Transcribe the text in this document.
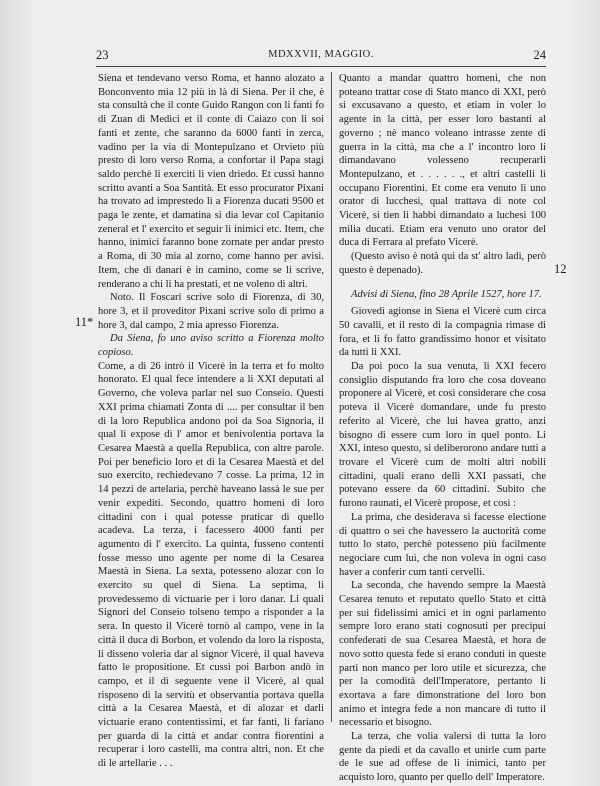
23	MDXXVII, MAGGIO.	24
11*
12

Siena et tendevano verso Roma, et hanno alozato a Bonconvento mia 12 più in là di Siena. Per il che, è sta consultà che il conte Guido Rangon con li fanti fo di Zuan di Medici et il conte di Caiazo con li soi fanti et zente, che saranno da 6000 fanti in zerca, vadino per la via di Montepulzano et Orvieto più presto di loro verso Roma, a confortar il Papa stagi saldo perchè li exerciti li vien driedo. Et cussì hanno scritto avanti a Soa Santità. Et esso procurator Pixani ha trovato ad imprestedo lì a Fiorenza ducati 9500 et paga le zente, et damatina si dia levar col Capitanio zeneral et l' exercito et seguir li inimici etc. Item, che hanno, inimici faranno bone zornate per andar presto a Roma, di 30 mia al zorno, come hanno per avisi. Item, che di danari è in camino, come se li scrive, renderano a chi li ha prestati, et ne voleno di altri.

Noto. Il Foscari scrive solo di Fiorenza, di 30, hore 3, et il proveditor Pixani scrive solo di primo a hore 3, dal campo, 2 mia apresso Fiorenza.

Da Siena, fo uno aviso scritto a Fiorenza molto copioso.

Come, a dì 26 intrò il Vicerè in la terra et fo molto honorato. El qual fece intendere a li XXI deputati al Governo, che voleva parlar nel suo Conseio. Questi XXI prima chiamati Zonta di .... per consultar il ben di la loro Republica andono poi da Soa Signoria, il qual li expose di l' amor et benivolentia portava la Cesarea Maestà a quella Republica, con altre parole. Poi per beneficio loro et di la Cesarea Maestà et del suo exercito, rechiedevano 7 cosse. La prima, 12 in 14 pezzi de artelaria, perchè haveano lassà le sue per venir expediti. Secondo, quattro homeni di loro cittadini con i qual potesse praticar di quello acadeva. La terza, i facessero 4000 fanti per agumento di l' exercito. La quinta, fusseno contenti fosse messo uno agente per nome di la Cesarea Maestà in Siena. La sexta, potesseno alozar con lo exercito su quel di Siena. La septima, li provedessemo di victuarie per i loro danar. Li quali Signori del Conseio tolseno tempo a risponder a la sera. In questo il Vicerè tornò al campo, vene in la città il duca di Borbon, et volendo da loro la risposta, li disseno voleria dar al signor Vicerè, il qual haveva fatto le propositione. Et cussì poi Barbon andò in campo, et il dì seguente vene il Vicerè, al qual risposeno di la servitù et observantia portava quella città a la Cesarea Maestà, et di alozar et darli victuarie erano contentissimi, et far fanti, li fariano per guarda di la città et andar contra fiorentini a recuperar i loro castelli, ma contra altri, non. Et che di le artellarie . . .

Quanto a mandar quattro homeni, che non poteano trattar cose di Stato manco di XXI, però si excusavano a questo, et etiam in voler lo agente in la città, per esser loro bastanti al governo ; nè manco voleano intrasse zente di guerra in la città, ma che a l' incontro loro li dimandavano volesseno recuperarli Montepulzano, et . . . . . ., et altri castelli li occupano Fiorentini. Et come era venuto lì uno orator di lucchesi, qual trattava di note col Vicerè, si tien li habbi dimandato a luchesi 100 milia ducati. Etiam era venuto uno orator del duca di Ferrara al prefato Vicerè.

(Questo aviso è notà qui da st' altro ladi, però questo è depenado).

Advisi di Siena, fino 28 Aprile 1527, hore 17.

Giovedì agionse in Siena el Vicerè cum circa 50 cavalli, et il resto di la compagnia rimase di fora, et li fo fatto grandissimo honor et visitato da tutti li XXI.

Da poi poco la sua venuta, li XXI fecero consiglio disputando fra loro che cosa doveano proponere al Vicerè, et così considerare che cosa poteva il Vicerè domandare, unde fu presto referito al Vicerè, che lui havea gratto, anzi bisogno di essere cum loro in quel ponto. Li XXI, inteso questo, si deliberorono andare tutti a trovare el Vicerè cum de molti altri nobili cittadini, quali erano delli XXI passati, che potevano essere da 60 cittadini. Subito che furono raunati, el Vicerè propose, et così :

La prima, che desiderava si facesse electione di quattro o sei che havessero la auctorità come tutto lo stato, perchè potesseno più facilmente negociare cum lui, che non voleva in ogni caso haver a conferir cum tanti cervelli.

La seconda, che havendo sempre la Maestà Cesarea tenuto et reputato quello Stato et città per sui fidelissimi amici et in ogni parlamento sempre loro erano stati cognosuti per precipui confederati de sua Cesarea Maestà, et hora de novo sotto questa fede si erano conduti in queste parti non manco per loro utile et sicurezza, che per la comodità dell'Imperatore, pertanto li exortava a fare dimonstratione del loro bon animo et integra fede a non mancare di tutto il necessario et bisogno.

La terza, che volia valersi di tutta la loro gente da piedi et da cavallo et unirle cum parte de le sue ad offese de li inimici, tanto per acquisto loro, quanto per quello dell' Imperatore.
